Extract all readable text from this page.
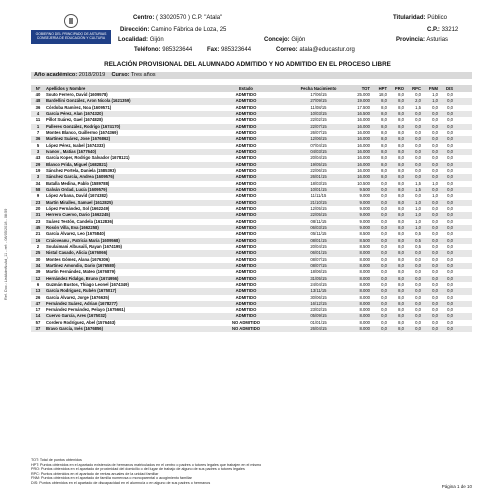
GOBIERNO DEL PRINCIPADO DE ASTURIAS
CONSEJERÍA DE EDUCACIÓN Y CULTURA
Centro: ( 33020570 ) C.P. "Atala"	Titularidad: Público
Dirección: Camino Fábrica de Loza, 25	C.P.: 33212
Localidad: Gijón	Concejo: Gijón	Provincia: Asturias
Teléfono: 985323644 Fax: 985323644	Correo: atala@educastur.org
RELACIÓN PROVISIONAL DEL ALUMNADO ADMITIDO Y NO ADMITIDO EN EL PROCESO LIBRE
Año académico: 2018/2019 Curso: Tres años
Ref. Doc.: ListAdmNoAd_11 - ref: - 08/05/2018 - 08:59
Nº	Apellidos y Nombre	Estado	Fecha Nacimiento	TOT	HPT	PRO	RPC	FNM	DIS
40	Souto Ferrero, David (1609578)	ADMITIDO	17/06/15	25.000	18,0	8,0	0,0	1,0	0,0
48	Bardellini González, Aron Nicola (1621359)	ADMITIDO	27/09/15	19.000	8,0	8,0	2,0	1,0	0,0
36	Córdoba Ramírez, Noa (1609571)	ADMITIDO	11/08/15	17.500	8,0	8,0	1,5	0,0	0,0
4	García Pérez, Alan (1674320)	ADMITIDO	10/03/15	16.500	8,0	8,0	0,0	0,0	0,0
11	Pillot Suárez, Gael (1674828)	ADMITIDO	22/02/15	16.000	8,0	8,0	0,0	0,0	0,0
1	Palleres González, Rodrigo (1674170)	ADMITIDO	22/07/15	16.000	8,0	8,0	0,0	0,0	0,0
7	Montes Blanco, Guillermo (1674369)	ADMITIDO	26/07/15	16.000	8,0	8,0	0,0	0,0	0,0
36	Martínez Suárez, Jose (1676862)	ADMITIDO	12/06/15	16.000	8,0	8,0	0,0	0,0	0,0
5	López Pérez, Isabel (1674333)	ADMITIDO	07/04/15	16.000	8,0	8,0	0,0	0,0	0,0
3	Ivanov , Matías (1677640)	ADMITIDO	04/03/15	16.000	8,0	8,0	0,0	0,0	0,0
43	García Koper, Rodrigo Salvador (1678121)	ADMITIDO	20/04/15	16.000	8,0	8,0	0,0	0,0	0,0
29	Blanco Prida, Miguel (1682821)	ADMITIDO	19/05/15	16.000	8,0	8,0	0,0	0,0	0,0
19	Sánchez Portela, Daniela (1585393)	ADMITIDO	22/06/15	16.000	8,0	8,0	0,0	0,0	0,0
3	Sánchez García, Andrea (1609576)	ADMITIDO	26/01/15	16.000	8,0	8,0	0,0	0,0	0,0
34	Batalla Medina, Pablo (1589788)	ADMITIDO	18/03/15	10.500	0,0	8,0	1,5	1,0	0,0
58	Galván Ordad, Lucía (1609579)	ADMITIDO	10/01/15	9.500	0,0	8,0	1,5	0,0	0,0
9	López Arbana, David (1674382)	ADMITIDO	11/11/15	9.000	0,0	8,0	0,0	1,0	0,0
23	Martín Miralles, Samuel (1612825)	ADMITIDO	21/10/15	9.000	0,0	8,0	1,0	0,0	0,0
20	López Fernández, Sol (1662249)	ADMITIDO	12/05/15	9.000	0,0	8,0	1,0	0,0	0,0
31	Herrero Cuervo, Dario (1662245)	ADMITIDO	22/05/15	9.000	0,0	8,0	1,0	0,0	0,0
23	Suárez Testón, Candela (1612836)	ADMITIDO	08/11/15	9.000	0,0	8,0	1,0	0,0	0,0
45	Rosón Villa, Eva (1662258)	ADMITIDO	06/03/15	9.000	0,0	8,0	1,0	0,0	0,0
21	García Álvarez, Leo (1675840)	ADMITIDO	05/11/15	8.500	0,0	8,0	0,5	0,0	0,0
16	Craioveanu , Patricia María (1609568)	ADMITIDO	08/01/15	8.500	0,0	8,0	0,5	0,0	0,0
2	Soulaimani Albusaili, Rayan (1674195)	ADMITIDO	20/04/15	8.500	0,0	8,0	0,5	0,0	0,0
25	Nistal Casado, Alicia (1676066)	ADMITIDO	06/01/15	8.000	0,0	8,0	0,0	0,0	0,0
30	Montes Gómez, Alana (1676306)	ADMITIDO	08/07/15	8.000	0,0	8,0	0,0	0,0	0,0
34	Martínez Amondio, Dario (1676580)	ADMITIDO	08/07/15	8.000	0,0	8,0	0,0	0,0	0,0
39	Martín Fernández, Mateo (1676879)	ADMITIDO	18/06/15	8.000	0,0	8,0	0,0	0,0	0,0
12	Hernández Fidalgo, Bruno (1674956)	ADMITIDO	31/05/15	8.000	0,0	8,0	0,0	0,0	0,0
6	Guzmán Bustos, Thiago Leonel (1674349)	ADMITIDO	24/04/15	8.000	0,0	8,0	0,0	0,0	0,0
13	García Rodríguez, Rubén (1675017)	ADMITIDO	13/11/15	8.000	0,0	8,0	0,0	0,0	0,0
26	García Álvarez, Jorge (1676635)	ADMITIDO	30/06/15	8.000	0,0	8,0	0,0	0,0	0,0
47	Fernández Suárez, Adrian (1678277)	ADMITIDO	16/12/15	8.000	0,0	8,0	0,0	0,0	0,0
17	Fernández Fernández, Pelayo (1675661)	ADMITIDO	23/02/15	8.000	0,0	8,0	0,0	0,0	0,0
14	Cuervo García, Ares (1675032)	ADMITIDO	05/09/15	8.000	0,0	8,0	0,0	0,0	0,0
57	Cordero Rodríguez, Abel (1576463)	NO ADMITIDO	01/01/15	8.000	0,0	8,0	0,0	0,0	0,0
37	Bravo García, Inés (1676856)	NO ADMITIDO	26/04/15	8.000	0,0	8,0	0,0	0,0	0,0
TOT: Total de puntos obtenidos
HPT: Puntos obtenidos en el apartado existencia de hermanos matriculados en el centro o padres o tutores legales que trabajen en el mismo
PRO: Puntos obtenidos en el apartado de proximidad del domicilio o del lugar de trabajo de alguno de sus padres o tutores legales
RPC: Puntos obtenidos en el apartado de rentas anuales de la unidad familiar
FNM: Puntos obtenidos en el apartado de familia numerosa o monoparental o acogimiento familiar
DIS: Puntos obtenidos en el apartado de discapacidad en el alumno/a o en alguno de sus padres o hermanos
Página 1 de 10
